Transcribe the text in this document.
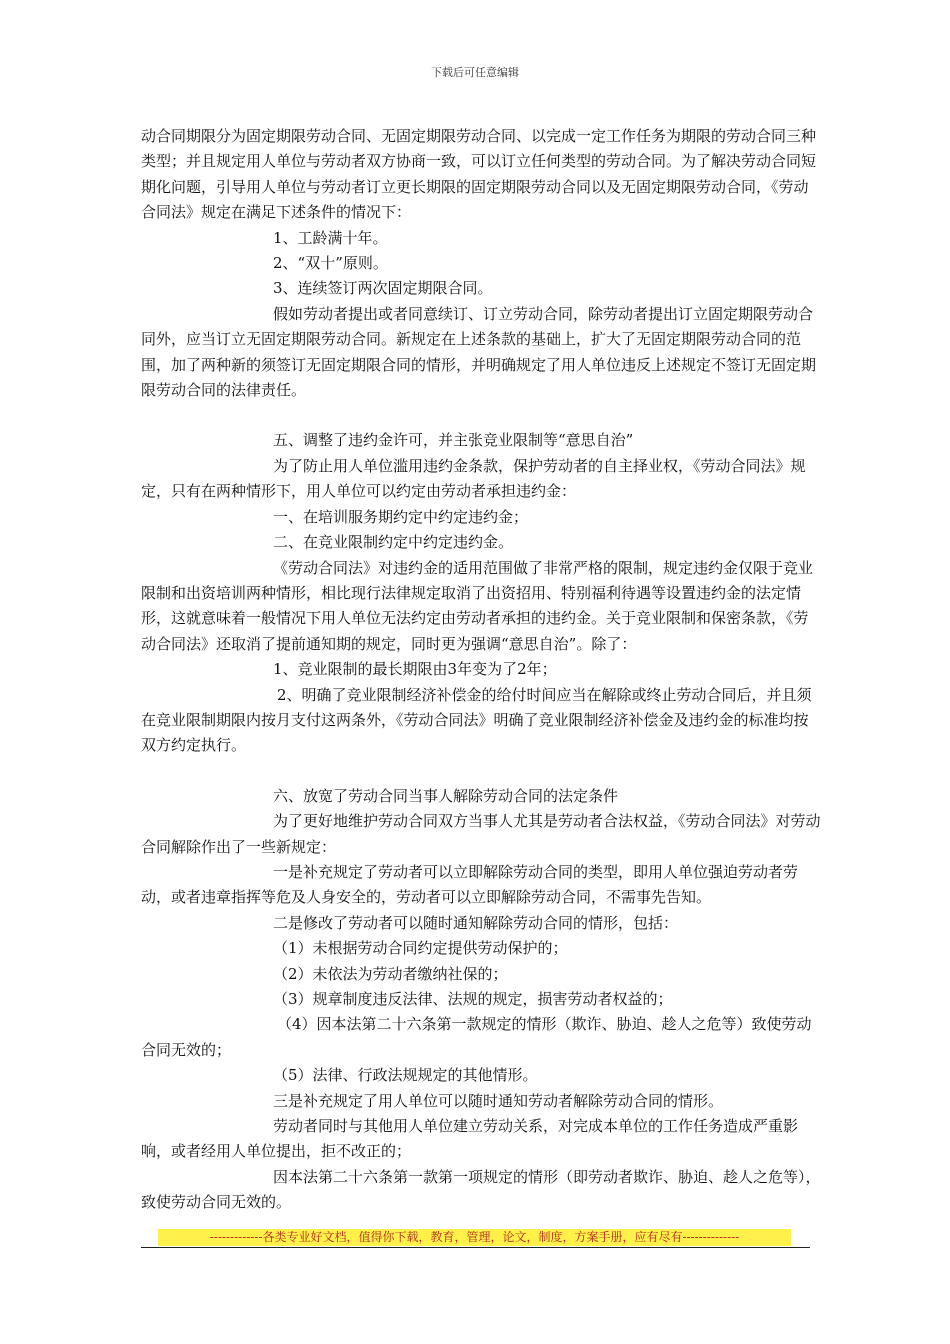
下载后可任意编辑

动合同期限分为固定期限劳动合同、无固定期限劳动合同、以完成一定工作任务为期限的劳动合同三种类型；并且规定用人单位与劳动者双方协商一致，可以订立任何类型的劳动合同。为了解决劳动合同短期化问题，引导用人单位与劳动者订立更长期限的固定期限劳动合同以及无固定期限劳动合同，《劳动合同法》规定在满足下述条件的情况下：

1、工龄满十年。

2、“双十”原则。

3、连续签订两次固定期限合同。

假如劳动者提出或者同意续订、订立劳动合同，除劳动者提出订立固定期限劳动合同外，应当订立无固定期限劳动合同。新规定在上述条款的基础上，扩大了无固定期限劳动合同的范围，加了两种新的须签订无固定期限合同的情形，并明确规定了用人单位违反上述规定不签订无固定期限劳动合同的法律责任。

五、调整了违约金许可，并主张竞业限制等“意思自治”

为了防止用人单位滥用违约金条款，保护劳动者的自主择业权，《劳动合同法》规定，只有在两种情形下，用人单位可以约定由劳动者承担违约金：

一、在培训服务期约定中约定违约金；

二、在竞业限制约定中约定违约金。

《劳动合同法》对违约金的适用范围做了非常严格的限制，规定违约金仅限于竞业限制和出资培训两种情形，相比现行法律规定取消了出资招用、特别福利待遇等设置违约金的法定情形，这就意味着一般情况下用人单位无法约定由劳动者承担的违约金。关于竞业限制和保密条款，《劳动合同法》还取消了提前通知期的规定，同时更为强调“意思自治”。除了：

1、竞业限制的最长期限由3年变为了2年；

2、明确了竞业限制经济补偿金的给付时间应当在解除或终止劳动合同后，并且须在竞业限制期限内按月支付这两条外，《劳动合同法》明确了竞业限制经济补偿金及违约金的标准均按双方约定执行。

六、放宽了劳动合同当事人解除劳动合同的法定条件

为了更好地维护劳动合同双方当事人尤其是劳动者合法权益，《劳动合同法》对劳动合同解除作出了一些新规定：

一是补充规定了劳动者可以立即解除劳动合同的类型，即用人单位强迫劳动者劳动，或者违章指挥等危及人身安全的，劳动者可以立即解除劳动合同，不需事先告知。

二是修改了劳动者可以随时通知解除劳动合同的情形，包括：

（1）未根据劳动合同约定提供劳动保护的；

（2）未依法为劳动者缴纳社保的；

（3）规章制度违反法律、法规的规定，损害劳动者权益的；

（4）因本法第二十六条第一款规定的情形（欺诈、胁迫、趁人之危等）致使劳动合同无效的；

（5）法律、行政法规规定的其他情形。

三是补充规定了用人单位可以随时通知劳动者解除劳动合同的情形。

劳动者同时与其他用人单位建立劳动关系，对完成本单位的工作任务造成严重影响，或者经用人单位提出，拒不改正的；

因本法第二十六条第一款第一项规定的情形（即劳动者欺诈、胁迫、趁人之危等），致使劳动合同无效的。

-------------各类专业好文档，值得你下载，教育，管理，论文，制度，方案手册，应有尽有--------------
